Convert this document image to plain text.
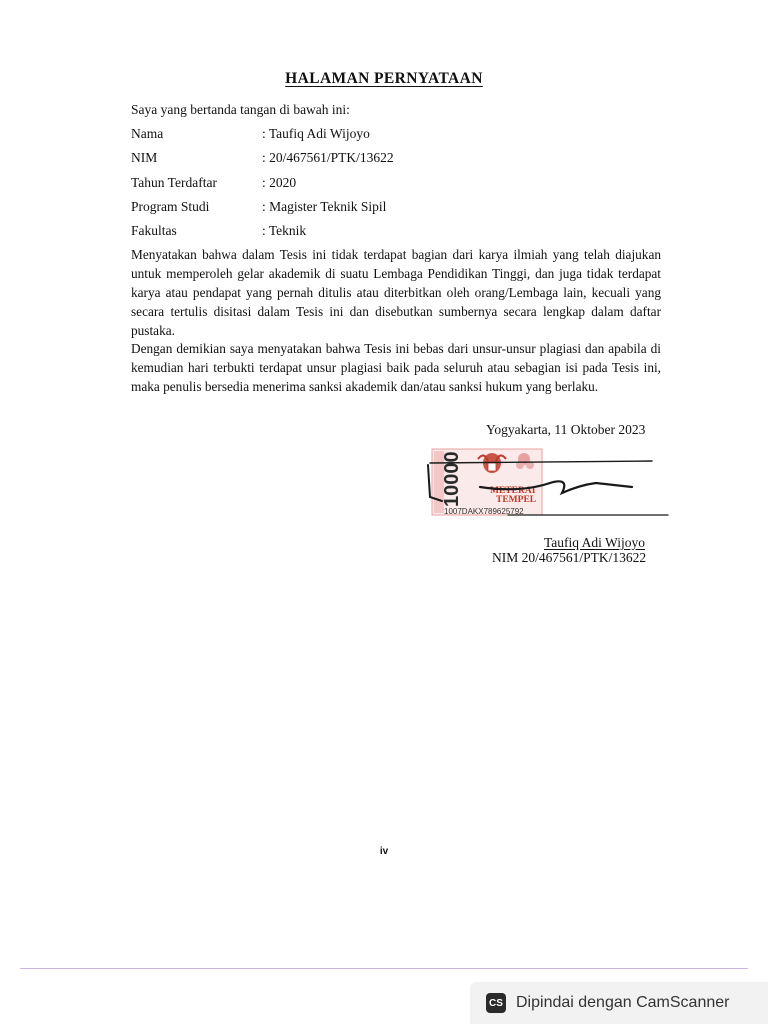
HALAMAN PERNYATAAN
Saya yang bertanda tangan di bawah ini:
Nama	: Taufiq Adi Wijoyo
NIM	: 20/467561/PTK/13622
Tahun Terdaftar	: 2020
Program Studi	: Magister Teknik Sipil
Fakultas	: Teknik

Menyatakan bahwa dalam Tesis ini tidak terdapat bagian dari karya ilmiah yang telah diajukan untuk memperoleh gelar akademik di suatu Lembaga Pendidikan Tinggi, dan juga tidak terdapat karya atau pendapat yang pernah ditulis atau diterbitkan oleh orang/Lembaga lain, kecuali yang secara tertulis disitasi dalam Tesis ini dan disebutkan sumbernya secara lengkap dalam daftar pustaka.

Dengan demikian saya menyatakan bahwa Tesis ini bebas dari unsur-unsur plagiasi dan apabila di kemudian hari terbukti terdapat unsur plagiasi baik pada seluruh atau sebagian isi pada Tesis ini, maka penulis bersedia menerima sanksi akademik dan/atau sanksi hukum yang berlaku.

Yogyakarta, 11 Oktober 2023
10000	METERAI
TEMPEL
1007DAKX789625792
Taufiq Adi Wijoyo
NIM 20/467561/PTK/13622
iv
CS Dipindai dengan CamScanner
